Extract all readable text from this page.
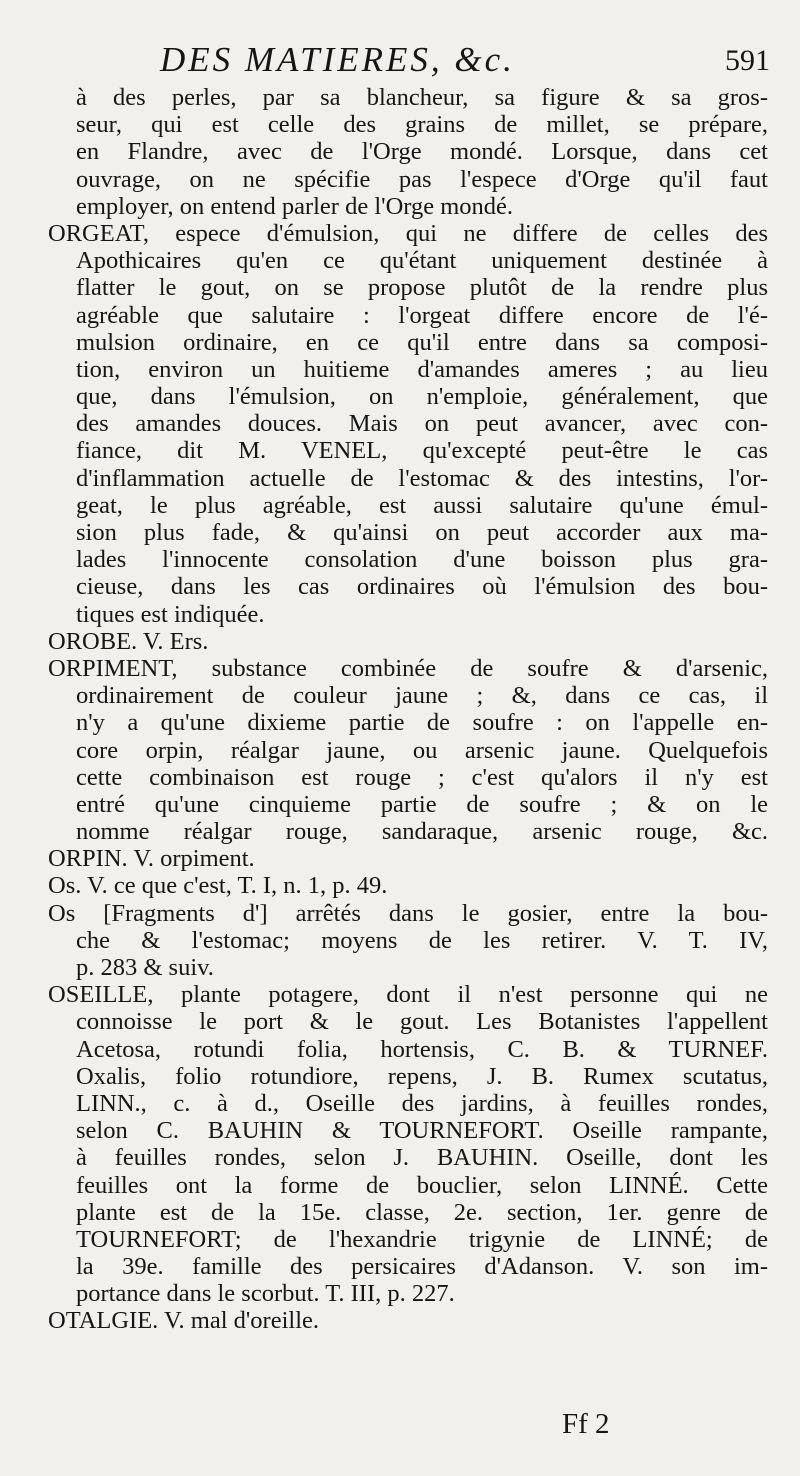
DES MATIERES, &c.	591
à des perles, par sa blancheur, sa figure & sa gros-
seur, qui est celle des grains de millet, se prépare,
en Flandre, avec de l'Orge mondé. Lorsque, dans cet
ouvrage, on ne spécifie pas l'espece d'Orge qu'il faut
employer, on entend parler de l'Orge mondé.
ORGEAT, espece d'émulsion, qui ne differe de celles des
Apothicaires qu'en ce qu'étant uniquement destinée à
flatter le gout, on se propose plutôt de la rendre plus
agréable que salutaire : l'orgeat differe encore de l'é-
mulsion ordinaire, en ce qu'il entre dans sa composi-
tion, environ un huitieme d'amandes ameres ; au lieu
que, dans l'émulsion, on n'emploie, généralement, que
des amandes douces. Mais on peut avancer, avec con-
fiance, dit M. VENEL, qu'excepté peut-être le cas
d'inflammation actuelle de l'estomac & des intestins, l'or-
geat, le plus agréable, est aussi salutaire qu'une émul-
sion plus fade, & qu'ainsi on peut accorder aux ma-
lades l'innocente consolation d'une boisson plus gra-
cieuse, dans les cas ordinaires où l'émulsion des bou-
tiques est indiquée.
OROBE. V. Ers.
ORPIMENT, substance combinée de soufre & d'arsenic,
ordinairement de couleur jaune ; &, dans ce cas, il
n'y a qu'une dixieme partie de soufre : on l'appelle en-
core orpin, réalgar jaune, ou arsenic jaune. Quelquefois
cette combinaison est rouge ; c'est qu'alors il n'y est
entré qu'une cinquieme partie de soufre ; & on le
nomme réalgar rouge, sandaraque, arsenic rouge, &c.
ORPIN. V. orpiment.
Os. V. ce que c'est, T. I, n. 1, p. 49.
Os [Fragments d'] arrêtés dans le gosier, entre la bou-
che & l'estomac; moyens de les retirer. V. T. IV,
p. 283 & suiv.
OSEILLE, plante potagere, dont il n'est personne qui ne
connoisse le port & le gout. Les Botanistes l'appellent
Acetosa, rotundi folia, hortensis, C. B. & TURNEF.
Oxalis, folio rotundiore, repens, J. B. Rumex scutatus,
LINN., c. à d., Oseille des jardins, à feuilles rondes,
selon C. BAUHIN & TOURNEFORT. Oseille rampante,
à feuilles rondes, selon J. BAUHIN. Oseille, dont les
feuilles ont la forme de bouclier, selon LINNÉ. Cette
plante est de la 15e. classe, 2e. section, 1er. genre de
TOURNEFORT; de l'hexandrie trigynie de LINNÉ; de
la 39e. famille des persicaires d'Adanson. V. son im-
portance dans le scorbut. T. III, p. 227.
OTALGIE. V. mal d'oreille.
Ff 2
